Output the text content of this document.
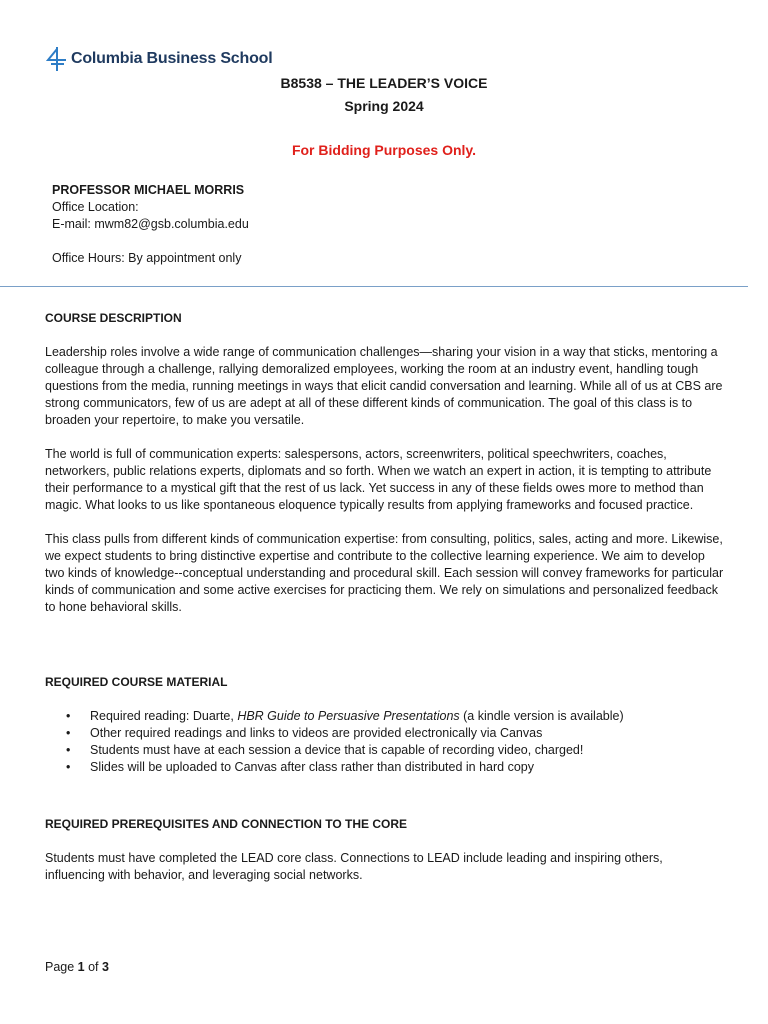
Columbia Business School
B8538 – THE LEADER’S VOICE
Spring 2024
For Bidding Purposes Only.
PROFESSOR MICHAEL MORRIS
Office Location:
E-mail: mwm82@gsb.columbia.edu
Office Hours: By appointment only
COURSE DESCRIPTION

Leadership roles involve a wide range of communication challenges—sharing your vision in a way that sticks, mentoring a colleague through a challenge, rallying demoralized employees, working the room at an industry event, handling tough questions from the media, running meetings in ways that elicit candid conversation and learning. While all of us at CBS are strong communicators, few of us are adept at all of these different kinds of communication. The goal of this class is to broaden your repertoire, to make you versatile.

The world is full of communication experts: salespersons, actors, screenwriters, political speechwriters, coaches, networkers, public relations experts, diplomats and so forth. When we watch an expert in action, it is tempting to attribute their performance to a mystical gift that the rest of us lack. Yet success in any of these fields owes more to method than magic. What looks to us like spontaneous eloquence typically results from applying frameworks and focused practice.

This class pulls from different kinds of communication expertise: from consulting, politics, sales, acting and more. Likewise, we expect students to bring distinctive expertise and contribute to the collective learning experience. We aim to develop two kinds of knowledge--conceptual understanding and procedural skill. Each session will convey frameworks for particular kinds of communication and some active exercises for practicing them. We rely on simulations and personalized feedback to hone behavioral skills.

REQUIRED COURSE MATERIAL
• Required reading: Duarte, HBR Guide to Persuasive Presentations (a kindle version is available)
• Other required readings and links to videos are provided electronically via Canvas
• Students must have at each session a device that is capable of recording video, charged!
• Slides will be uploaded to Canvas after class rather than distributed in hard copy
REQUIRED PREREQUISITES AND CONNECTION TO THE CORE

Students must have completed the LEAD core class. Connections to LEAD include leading and inspiring others, influencing with behavior, and leveraging social networks.

Page 1 of 3
